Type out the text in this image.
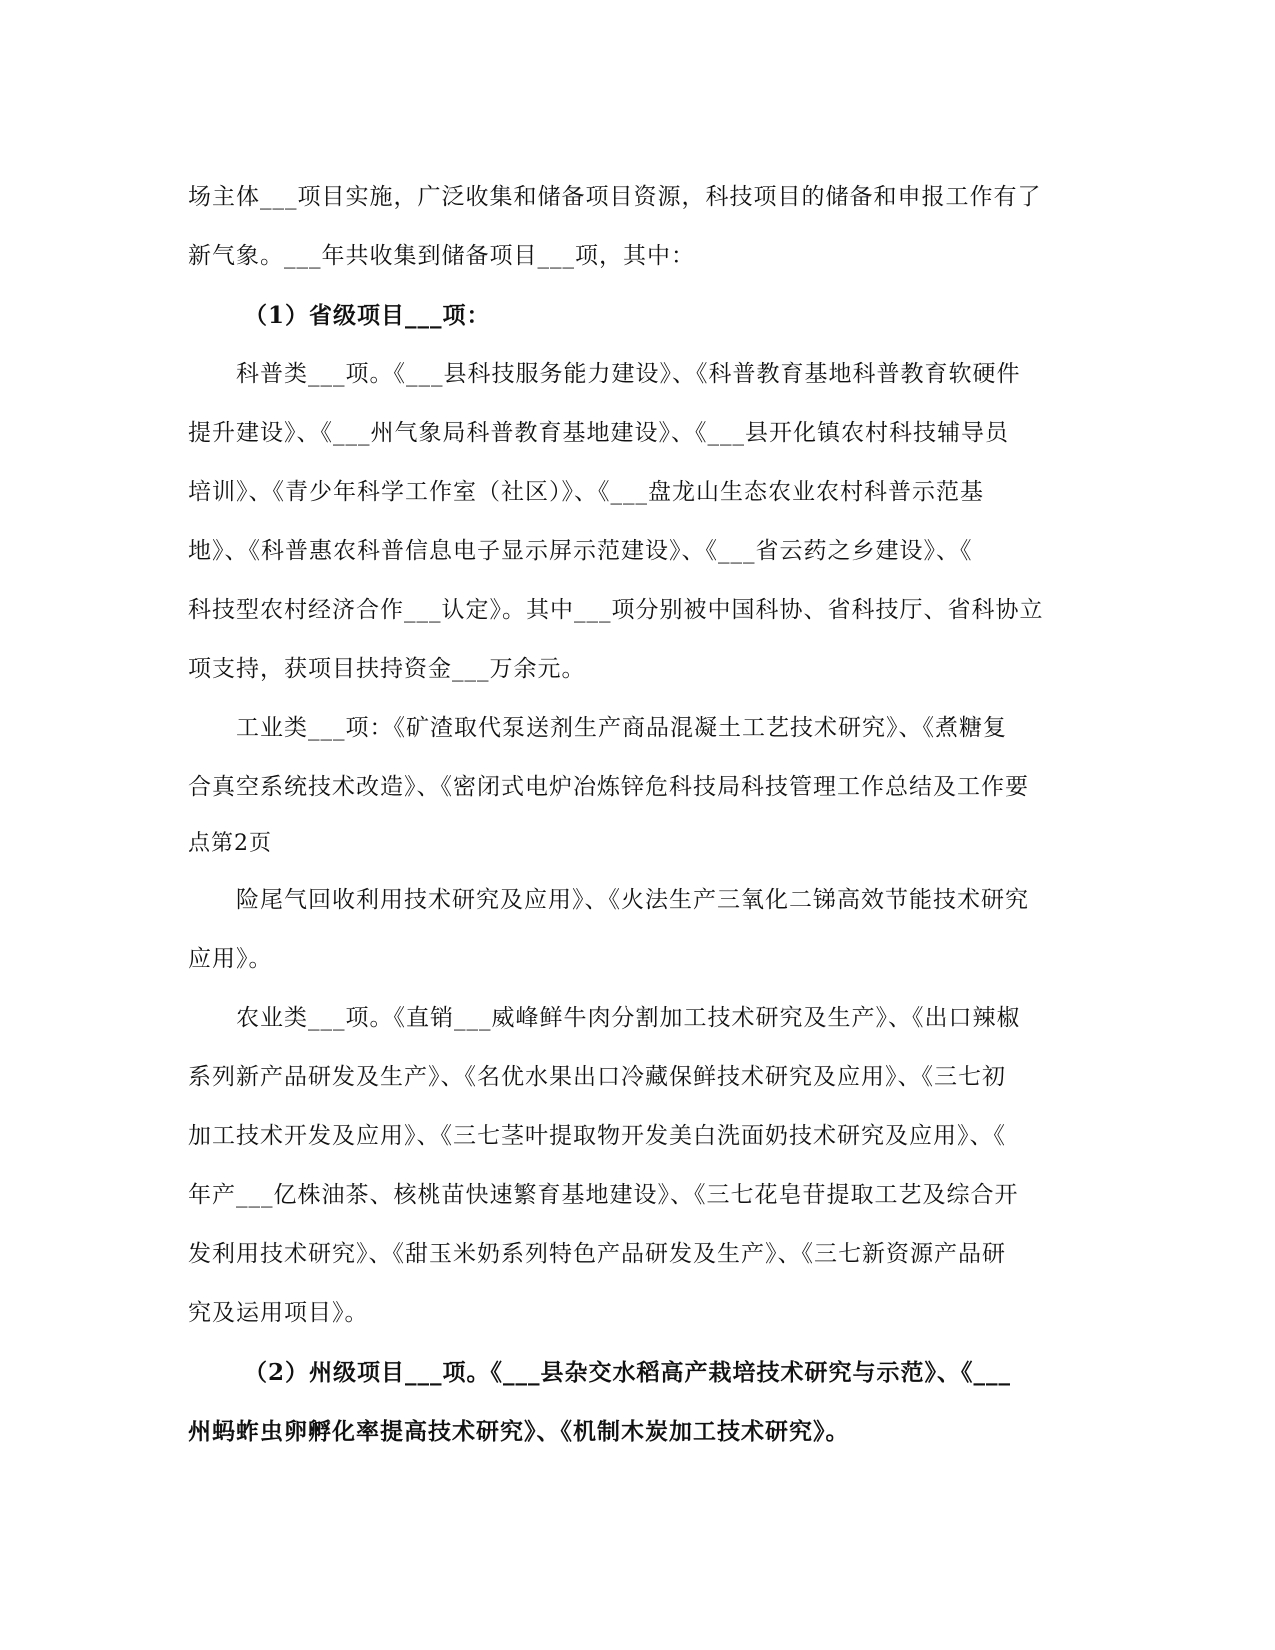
场主体___项目实施，广泛收集和储备项目资源，科技项目的储备和申报工作有了
新气象。___年共收集到储备项目___项，其中：
（1）省级项目___项：
科普类___项。《___县科技服务能力建设》、《科普教育基地科普教育软硬件
提升建设》、《___州气象局科普教育基地建设》、《___县开化镇农村科技辅导员
培训》、《青少年科学工作室（社区）》、《___盘龙山生态农业农村科普示范基
地》、《科普惠农科普信息电子显示屏示范建设》、《___省云药之乡建设》、《
科技型农村经济合作___认定》。其中___项分别被中国科协、省科技厅、省科协立
项支持，获项目扶持资金___万余元。
工业类___项：《矿渣取代泵送剂生产商品混凝土工艺技术研究》、《煮糖复
合真空系统技术改造》、《密闭式电炉冶炼锌危科技局科技管理工作总结及工作要
点第2页
险尾气回收利用技术研究及应用》、《火法生产三氧化二锑高效节能技术研究
应用》。
农业类___项。《直销___威峰鲜牛肉分割加工技术研究及生产》、《出口辣椒
系列新产品研发及生产》、《名优水果出口冷藏保鲜技术研究及应用》、《三七初
加工技术开发及应用》、《三七茎叶提取物开发美白洗面奶技术研究及应用》、《
年产___亿株油茶、核桃苗快速繁育基地建设》、《三七花皂苷提取工艺及综合开
发利用技术研究》、《甜玉米奶系列特色产品研发及生产》、《三七新资源产品研
究及运用项目》。
（2）州级项目___项。《___县杂交水稻高产栽培技术研究与示范》、《___
州蚂蚱虫卵孵化率提高技术研究》、《机制木炭加工技术研究》。
